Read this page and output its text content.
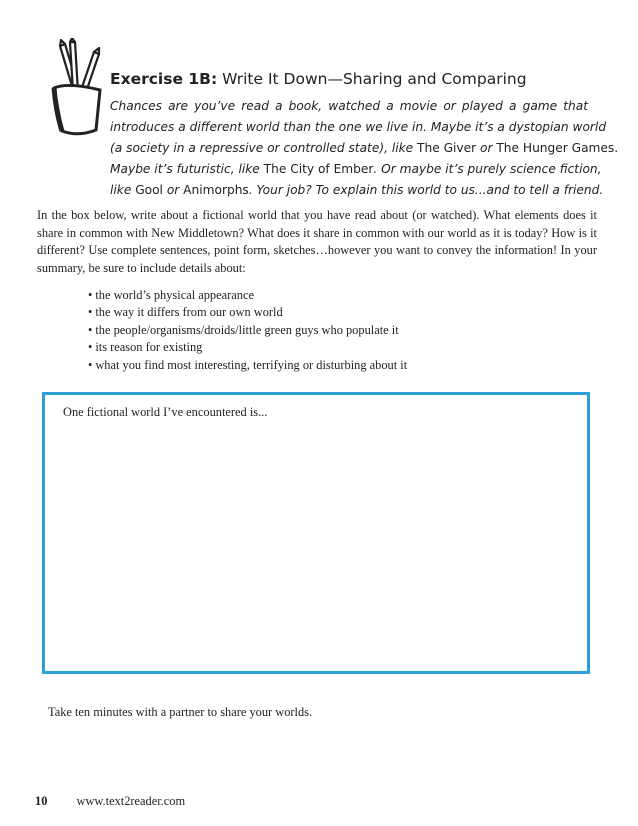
Exercise 1B: Write It Down—Sharing and Comparing
Chances are you’ve read a book, watched a movie or played a game that
introduces a different world than the one we live in. Maybe it’s a dystopian world
(a society in a repressive or controlled state), like The Giver or The Hunger Games.
Maybe it’s futuristic, like The City of Ember. Or maybe it’s purely science fiction,
like Gool or Animorphs. Your job? To explain this world to us...and to tell a friend.
In the box below, write about a fictional world that you have read about (or watched). What elements does it share in common with New Middletown? What does it share in common with our world as it is today? How is it different? Use complete sentences, point form, sketches…however you want to convey the information! In your summary, be sure to include details about:
• the world’s physical appearance
• the way it differs from our own world
• the people/organisms/droids/little green guys who populate it
• its reason for existing
• what you find most interesting, terrifying or disturbing about it
One fictional world I’ve encountered is...
Take ten minutes with a partner to share your worlds.
10 www.text2reader.com
